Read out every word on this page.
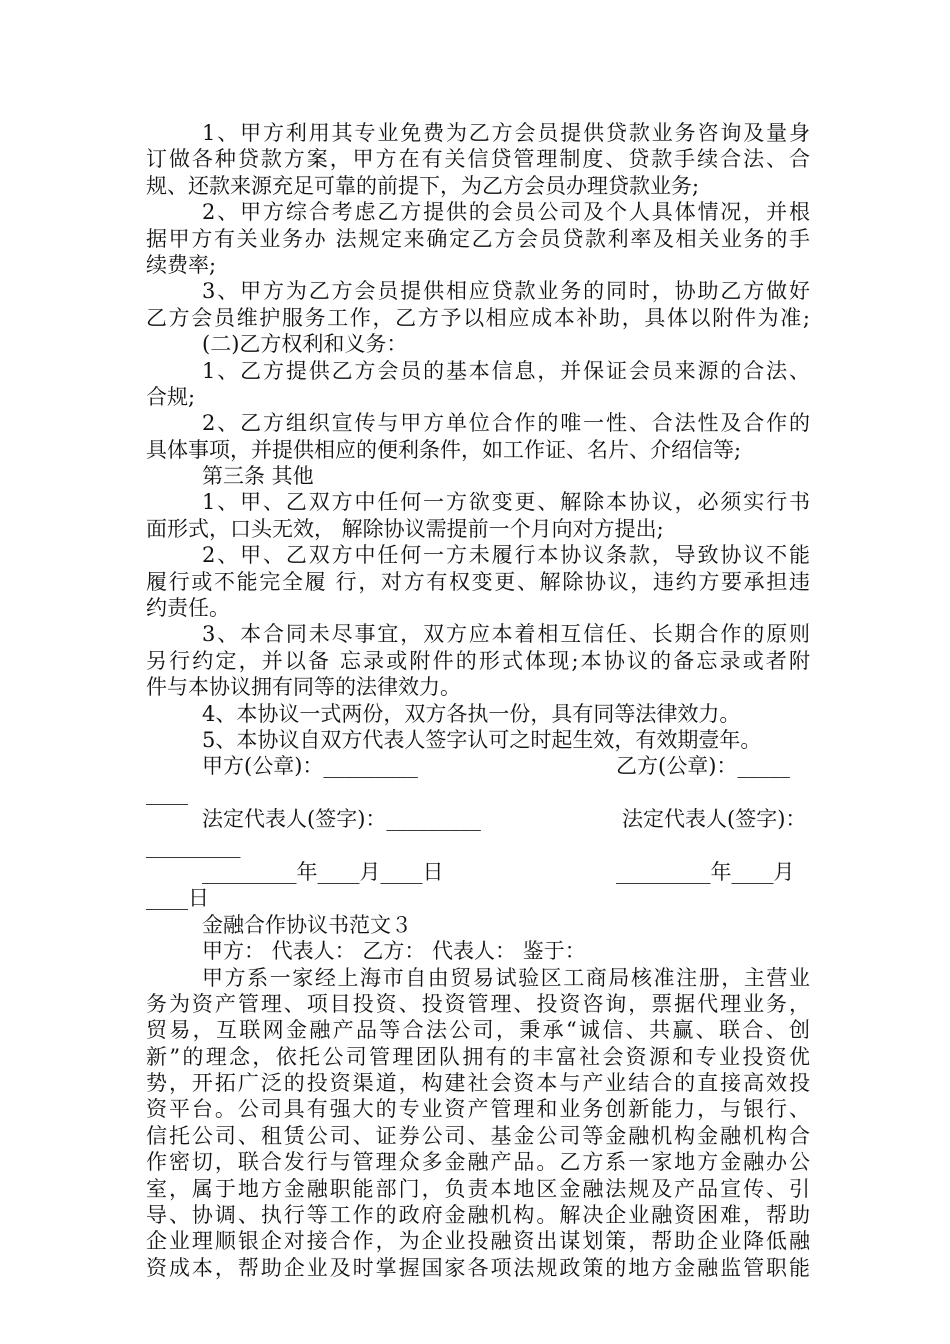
1、甲方利用其专业免费为乙方会员提供贷款业务咨询及量身
订做各种贷款方案，甲方在有关信贷管理制度、贷款手续合法、合
规、还款来源充足可靠的前提下，为乙方会员办理贷款业务;
2、甲方综合考虑乙方提供的会员公司及个人具体情况，并根
据甲方有关业务办 法规定来确定乙方会员贷款利率及相关业务的手
续费率;
3、甲方为乙方会员提供相应贷款业务的同时，协助乙方做好
乙方会员维护服务工作，乙方予以相应成本补助，具体以附件为准;
(二)乙方权利和义务：
1、乙方提供乙方会员的基本信息，并保证会员来源的合法、
合规;
2、乙方组织宣传与甲方单位合作的唯一性、合法性及合作的
具体事项，并提供相应的便利条件，如工作证、名片、介绍信等;
第三条 其他
1、甲、乙双方中任何一方欲变更、解除本协议，必须实行书
面形式，口头无效， 解除协议需提前一个月向对方提出;
2、甲、乙双方中任何一方未履行本协议条款，导致协议不能
履行或不能完全履 行，对方有权变更、解除协议，违约方要承担违
约责任。
3、本合同未尽事宜，双方应本着相互信任、长期合作的原则
另行约定，并以备 忘录或附件的形式体现;本协议的备忘录或者附
件与本协议拥有同等的法律效力。
4、本协议一式两份，双方各执一份，具有同等法律效力。
5、本协议自双方代表人签字认可之时起生效，有效期壹年。
甲方(公章)：_________	乙方(公章)：_____
____
法定代表人(签字)：_________	法定代表人(签字)：
_________
_________年____月____日	_________年____月
____日
金融合作协议书范文３
甲方： 代表人： 乙方： 代表人： 鉴于：
甲方系一家经上海市自由贸易试验区工商局核准注册，主营业
务为资产管理、项目投资、投资管理、投资咨询，票据代理业务，
贸易，互联网金融产品等合法公司，秉承“诚信、共赢、联合、创
新”的理念，依托公司管理团队拥有的丰富社会资源和专业投资优
势，开拓广泛的投资渠道，构建社会资本与产业结合的直接高效投
资平台。公司具有强大的专业资产管理和业务创新能力，与银行、
信托公司、租赁公司、证券公司、基金公司等金融机构金融机构合
作密切，联合发行与管理众多金融产品。乙方系一家地方金融办公
室，属于地方金融职能部门，负责本地区金融法规及产品宣传、引
导、协调、执行等工作的政府金融机构。解决企业融资困难，帮助
企业理顺银企对接合作，为企业投融资出谋划策，帮助企业降低融
资成本，帮助企业及时掌握国家各项法规政策的地方金融监管职能
